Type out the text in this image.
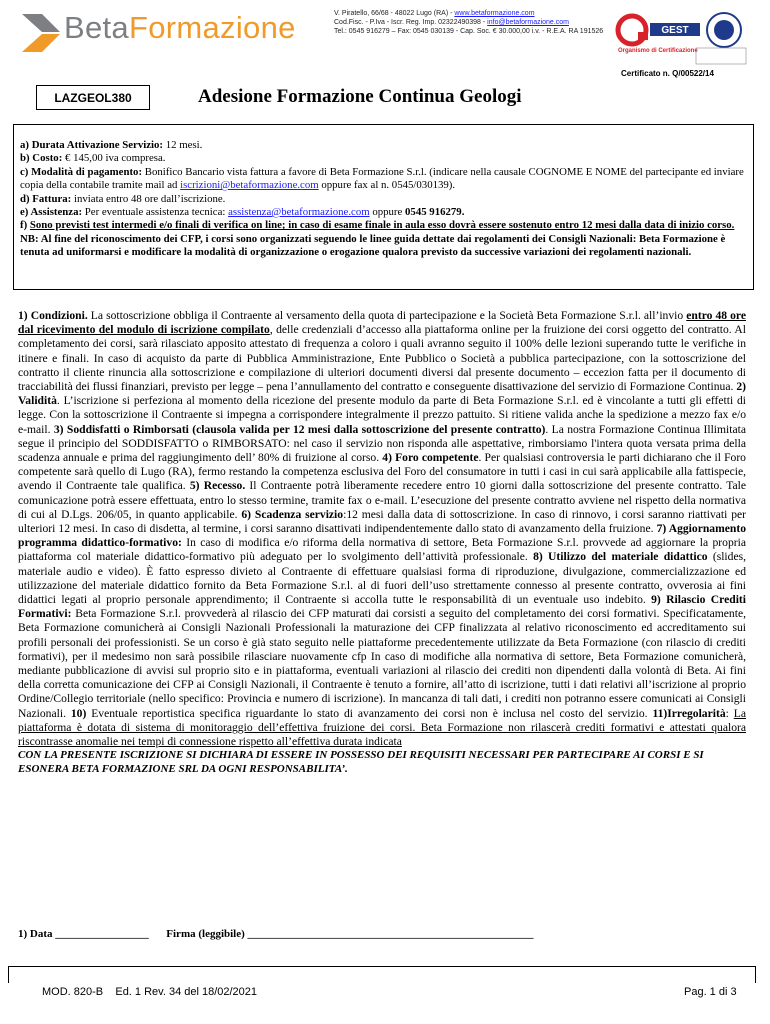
BetaFormazione	V. Piratello, 66/68 - 48022 Lugo (RA) - www.betaformazione.com
Cod.Fisc. - P.Iva - Iscr. Reg. Imp. 02322490398 - info@betaformazione.com
Tel.: 0545 916279 – Fax: 0545 030139 - Cap. Soc. € 30.000,00 i.v. - R.E.A. RA 191526	GEST
Organismo di Certificazione
Certificato n. Q/00522/14
LAZGEOL380	Adesione Formazione Continua Geologi

a) Durata Attivazione Servizio: 12 mesi.

b) Costo: € 145,00 iva compresa.

c) Modalità di pagamento: Bonifico Bancario vista fattura a favore di Beta Formazione S.r.l. (indicare nella causale COGNOME E NOME del partecipante ed inviare copia della contabile tramite mail ad iscrizioni@betaformazione.com oppure fax al n. 0545/030139).

d) Fattura: inviata entro 48 ore dall’iscrizione.

e) Assistenza: Per eventuale assistenza tecnica: assistenza@betaformazione.com oppure 0545 916279.

f) Sono previsti test intermedi e/o finali di verifica on line; in caso di esame finale in aula esso dovrà essere sostenuto entro 12 mesi dalla data di inizio corso.

NB: Al fine del riconoscimento dei CFP, i corsi sono organizzati seguendo le linee guida dettate dai regolamenti dei Consigli Nazionali: Beta Formazione è tenuta ad uniformarsi e modificare la modalità di organizzazione o erogazione qualora previsto da successive variazioni dei regolamenti nazionali.

1) Condizioni. La sottoscrizione obbliga il Contraente al versamento della quota di partecipazione e la Società Beta Formazione S.r.l. all’invio entro 48 ore dal ricevimento del modulo di iscrizione compilato, delle credenziali d’accesso alla piattaforma online per la fruizione dei corsi oggetto del contratto. Al completamento dei corsi, sarà rilasciato apposito attestato di frequenza a coloro i quali avranno seguito il 100% delle lezioni superando tutte le verifiche in itinere e finali. In caso di acquisto da parte di Pubblica Amministrazione, Ente Pubblico o Società a pubblica partecipazione, con la sottoscrizione del contratto il cliente rinuncia alla sottoscrizione e compilazione di ulteriori documenti diversi dal presente documento – eccezion fatta per il documento di tracciabilità dei flussi finanziari, previsto per legge – pena l’annullamento del contratto e conseguente disattivazione del servizio di Formazione Continua. 2) Validità. L’iscrizione si perfeziona al momento della ricezione del presente modulo da parte di Beta Formazione S.r.l. ed è vincolante a tutti gli effetti di legge. Con la sottoscrizione il Contraente si impegna a corrispondere integralmente il prezzo pattuito. Si ritiene valida anche la spedizione a mezzo fax e/o e-mail. 3) Soddisfatti o Rimborsati (clausola valida per 12 mesi dalla sottoscrizione del presente contratto). La nostra Formazione Continua Illimitata segue il principio del SODDISFATTO o RIMBORSATO: nel caso il servizio non risponda alle aspettative, rimborsiamo l'intera quota versata prima della scadenza annuale e prima del raggiungimento dell’ 80% di fruizione al corso. 4) Foro competente. Per qualsiasi controversia le parti dichiarano che il Foro competente sarà quello di Lugo (RA), fermo restando la competenza esclusiva del Foro del consumatore in tutti i casi in cui sarà applicabile alla fattispecie, avendo il Contraente tale qualifica. 5) Recesso. Il Contraente potrà liberamente recedere entro 10 giorni dalla sottoscrizione del presente contratto. Tale comunicazione potrà essere effettuata, entro lo stesso termine, tramite fax o e-mail. L’esecuzione del presente contratto avviene nel rispetto della normativa di cui al D.Lgs. 206/05, in quanto applicabile. 6) Scadenza servizio:12 mesi dalla data di sottoscrizione. In caso di rinnovo, i corsi saranno riattivati per ulteriori 12 mesi. In caso di disdetta, al termine, i corsi saranno disattivati indipendentemente dallo stato di avanzamento della fruizione. 7) Aggiornamento programma didattico-formativo: In caso di modifica e/o riforma della normativa di settore, Beta Formazione S.r.l. provvede ad aggiornare la propria piattaforma col materiale didattico-formativo più adeguato per lo svolgimento dell’attività professionale. 8) Utilizzo del materiale didattico (slides, materiale audio e video). È fatto espresso divieto al Contraente di effettuare qualsiasi forma di riproduzione, divulgazione, commercializzazione ed utilizzazione del materiale didattico fornito da Beta Formazione S.r.l. al di fuori dell’uso strettamente connesso al presente contratto, ovverosia ai fini didattici legati al proprio personale apprendimento; il Contraente si accolla tutte le responsabilità di un eventuale uso indebito. 9) Rilascio Crediti Formativi: Beta Formazione S.r.l. provvederà al rilascio dei CFP maturati dai corsisti a seguito del completamento dei corsi formativi. Specificatamente, Beta Formazione comunicherà ai Consigli Nazionali Professionali la maturazione dei CFP finalizzata al relativo riconoscimento ed accreditamento sui profili personali dei professionisti. Se un corso è già stato seguito nelle piattaforme precedentemente utilizzate da Beta Formazione (con rilascio di crediti formativi), per il medesimo non sarà possibile rilasciare nuovamente cfp In caso di modifiche alla normativa di settore, Beta Formazione comunicherà, mediante pubblicazione di avvisi sul proprio sito e in piattaforma, eventuali variazioni al rilascio dei crediti non dipendenti dalla volontà di Beta. Ai fini della corretta comunicazione dei CFP ai Consigli Nazionali, il Contraente è tenuto a fornire, all’atto di iscrizione, tutti i dati relativi all’iscrizione al proprio Ordine/Collegio territoriale (nello specifico: Provincia e numero di iscrizione). In mancanza di tali dati, i crediti non potranno essere comunicati ai Consigli Nazionali. 10) Eventuale reportistica specifica riguardante lo stato di avanzamento dei corsi non è inclusa nel costo del servizio. 11)Irregolarità: La piattaforma è dotata di sistema di monitoraggio dell’effettiva fruizione dei corsi. Beta Formazione non rilascerà crediti formativi e attestati qualora riscontrasse anomalie nei tempi di connessione rispetto all’effettiva durata indicata

CON LA PRESENTE ISCRIZIONE SI DICHIARA DI ESSERE IN POSSESSO DEI REQUISITI NECESSARI PER PARTECIPARE AI CORSI E SI ESONERA BETA FORMAZIONE SRL DA OGNI RESPONSABILITA’.

1) Data _________________ Firma (leggibile) ____________________________________________________
MOD. 820-B    Ed. 1 Rev. 34 del 18/02/2021	Pag. 1 di 3
